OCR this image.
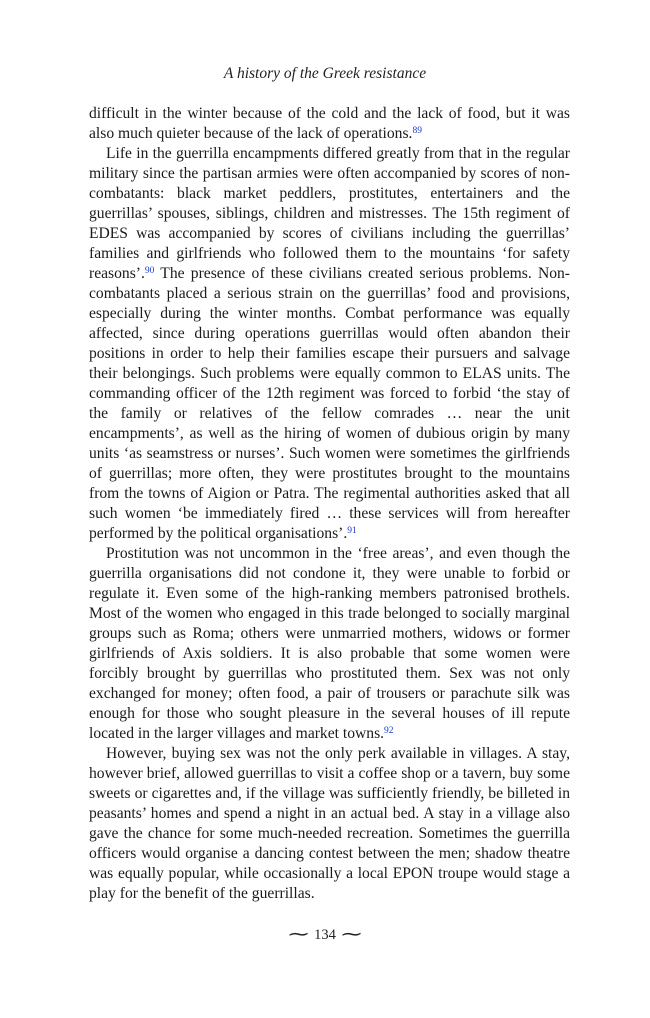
A history of the Greek resistance

difficult in the winter because of the cold and the lack of food, but it was also much quieter because of the lack of operations.$^{89}$

Life in the guerrilla encampments differed greatly from that in the regular military since the partisan armies were often accompanied by scores of non-combatants: black market peddlers, prostitutes, entertainers and the guerrillas’ spouses, siblings, children and mistresses. The 15th regiment of EDES was accompanied by scores of civilians including the guerrillas’ families and girlfriends who followed them to the mountains ‘for safety reasons’.$^{90}$ The presence of these civilians created serious problems. Non-combatants placed a serious strain on the guerrillas’ food and provisions, especially during the winter months. Combat performance was equally affected, since during operations guerrillas would often abandon their positions in order to help their families escape their pursuers and salvage their belongings. Such problems were equally common to ELAS units. The commanding officer of the 12th regiment was forced to forbid ‘the stay of the family or relatives of the fellow comrades … near the unit encampments’, as well as the hiring of women of dubious origin by many units ‘as seamstress or nurses’. Such women were sometimes the girlfriends of guerrillas; more often, they were prostitutes brought to the mountains from the towns of Aigion or Patra. The regimental authorities asked that all such women ‘be immediately fired … these services will from hereafter performed by the political organisations’.$^{91}$

Prostitution was not uncommon in the ‘free areas’, and even though the guerrilla organisations did not condone it, they were unable to forbid or regulate it. Even some of the high-ranking members patronised brothels. Most of the women who engaged in this trade belonged to socially marginal groups such as Roma; others were unmarried mothers, widows or former girlfriends of Axis soldiers. It is also probable that some women were forcibly brought by guerrillas who prostituted them. Sex was not only exchanged for money; often food, a pair of trousers or parachute silk was enough for those who sought pleasure in the several houses of ill repute located in the larger villages and market towns.$^{92}$

However, buying sex was not the only perk available in villages. A stay, however brief, allowed guerrillas to visit a coffee shop or a tavern, buy some sweets or cigarettes and, if the village was sufficiently friendly, be billeted in peasants’ homes and spend a night in an actual bed. A stay in a village also gave the chance for some much-needed recreation. Sometimes the guerrilla officers would organise a dancing contest between the men; shadow theatre was equally popular, while occasionally a local EPON troupe would stage a play for the benefit of the guerrillas.

∼ 134 ∼
